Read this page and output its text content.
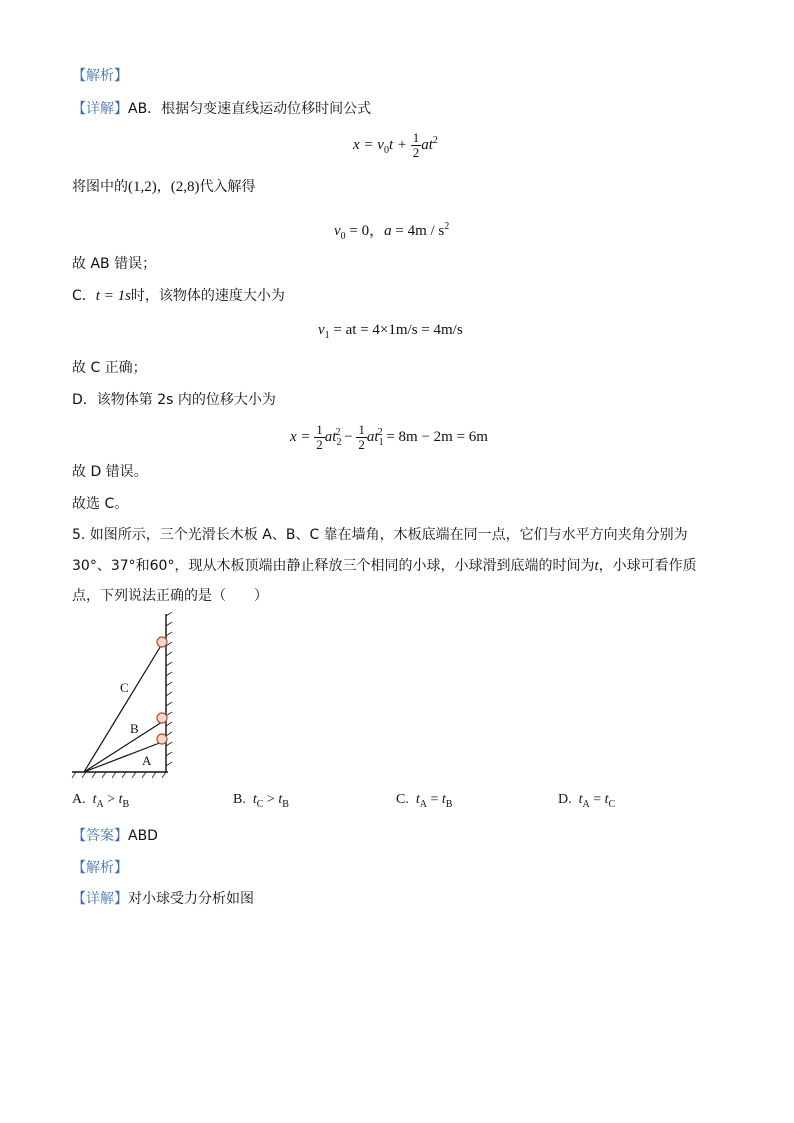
【解析】
【详解】AB．根据匀变速直线运动位移时间公式
$x = v_0t + \frac{1}{2} at^2$
将图中的(1,2)，(2,8)代入解得
$v_0 = 0$，$a = 4m / s^2$
故 AB 错误；
C．t = 1s时，该物体的速度大小为
$v_1$ = at = 4×1m/s = 4m/s
故 C 正确；
D．该物体第 2s 内的位移大小为
$x = \frac{1}{2} at_2^2 - \frac{1}{2} at_1^2 = 8m - 2m = 6m$
故 D 错误。
故选 C。
5. 如图所示，三个光滑长木板 A、B、C 靠在墙角，木板底端在同一点，它们与水平方向夹角分别为
30°、37°和60°，现从木板顶端由静止释放三个相同的小球，小球滑到底端的时间为t，小球可看作质
点，下列说法正确的是（　　）
C
B
A
A. $t_A > t_B$	B. $t_C > t_B$	C. $t_A = t_B$	D. $t_A = t_C$
【答案】ABD
【解析】
【详解】对小球受力分析如图
